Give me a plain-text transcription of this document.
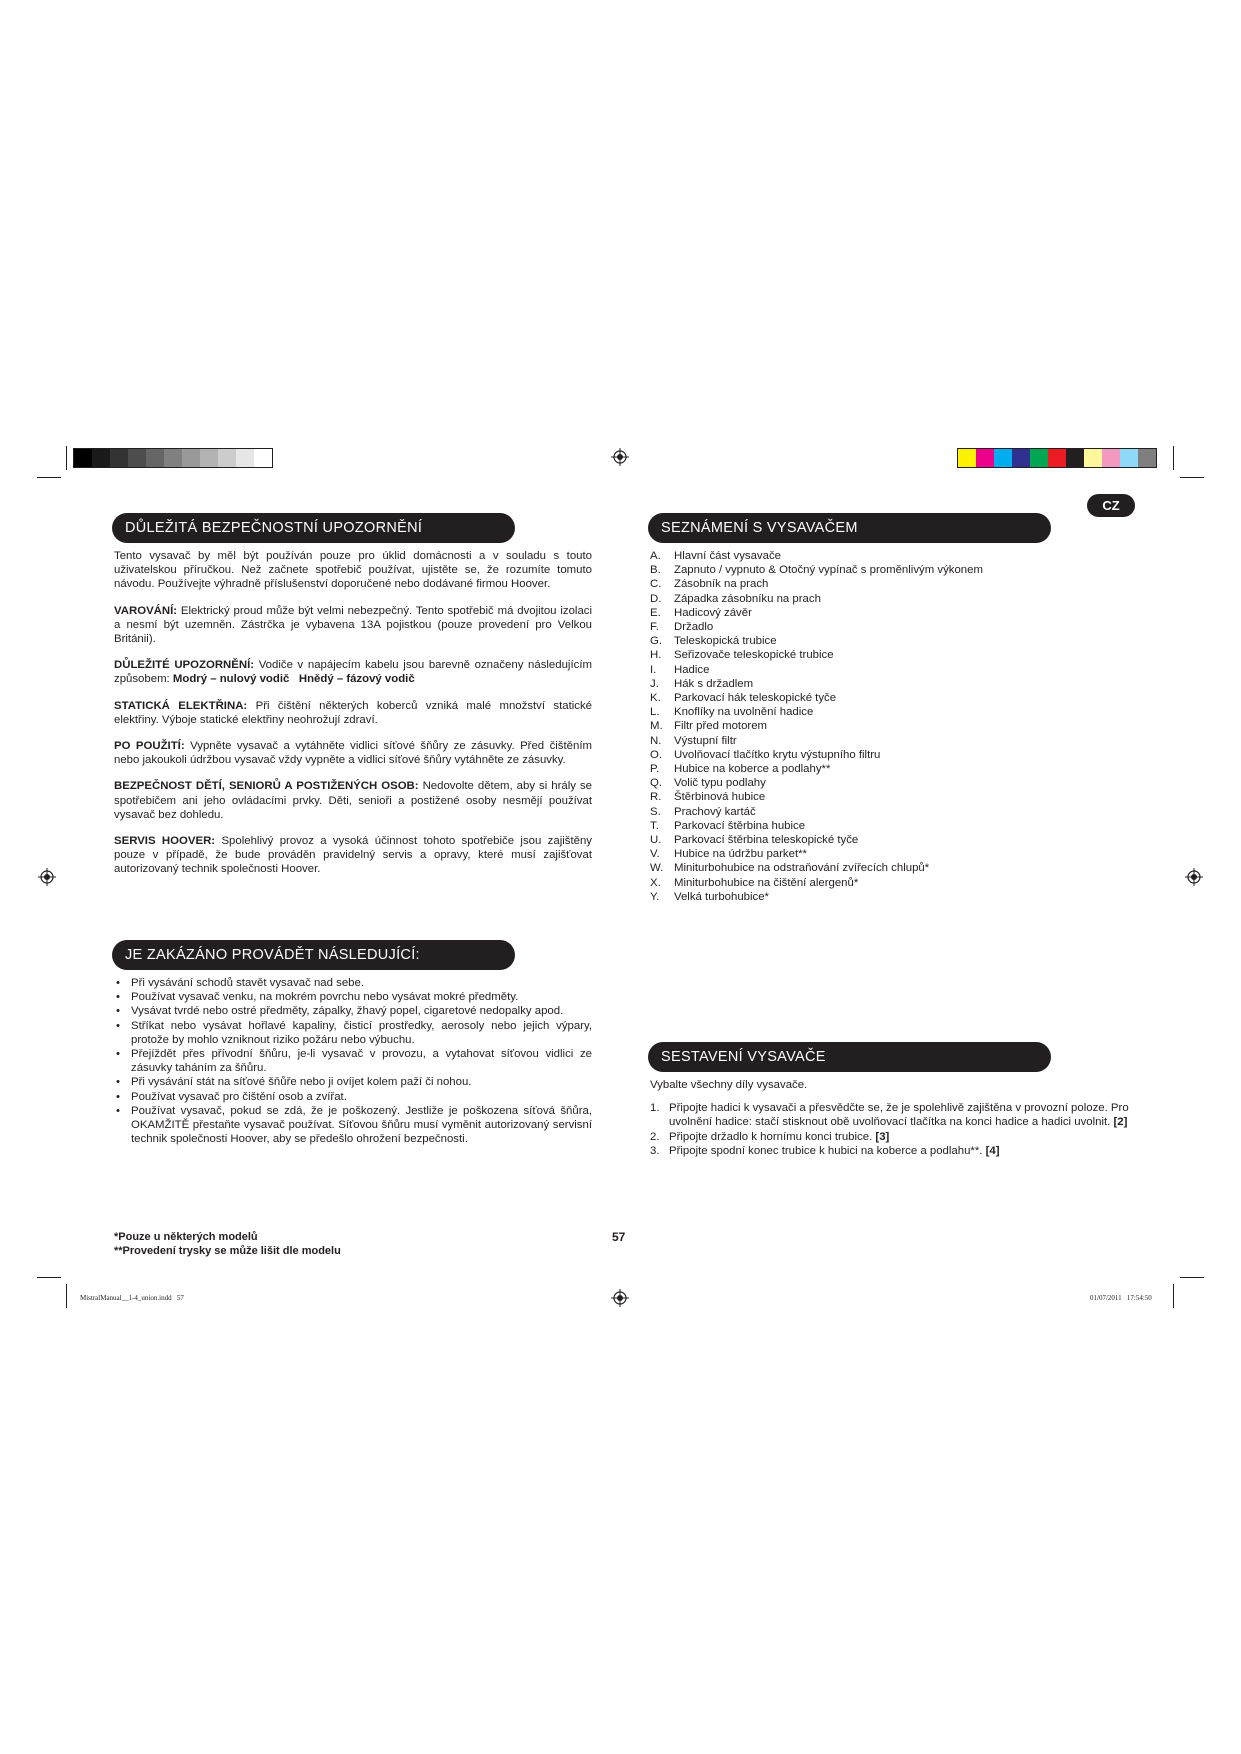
CZ
DŮLEŽITÁ BEZPEČNOSTNÍ UPOZORNĚNÍ

Tento vysavač by měl být používán pouze pro úklid domácnosti a v souladu s touto uživatelskou příručkou. Než začnete spotřebič používat, ujistěte se, že rozumíte tomuto návodu. Používejte výhradně příslušenství doporučené nebo dodávané firmou Hoover.

VAROVÁNÍ: Elektrický proud může být velmi nebezpečný. Tento spotřebič má dvojitou izolaci a nesmí být uzemněn. Zástrčka je vybavena 13A pojistkou (pouze provedení pro Velkou Británii).

DŮLEŽITÉ UPOZORNĚNÍ: Vodiče v napájecím kabelu jsou barevně označeny následujícím způsobem: Modrý – nulový vodič   Hnědý – fázový vodič

STATICKÁ ELEKTŘINA: Při čištění některých koberců vzniká malé množství statické elektřiny. Výboje statické elektřiny neohrožují zdraví.

PO POUŽITÍ: Vypněte vysavač a vytáhněte vidlici síťové šňůry ze zásuvky. Před čištěním nebo jakoukoli údržbou vysavač vždy vypněte a vidlici síťové šňůry vytáhněte ze zásuvky.

BEZPEČNOST DĚTÍ, SENIORŮ A POSTIŽENÝCH OSOB: Nedovolte dětem, aby si hrály se spotřebičem ani jeho ovládacími prvky. Děti, senioři a postižené osoby nesmějí používat vysavač bez dohledu.

SERVIS HOOVER: Spolehlivý provoz a vysoká účinnost tohoto spotřebiče jsou zajištěny pouze v případě, že bude prováděn pravidelný servis a opravy, které musí zajišťovat autorizovaný technik společnosti Hoover.

JE ZAKÁZÁNO PROVÁDĚT NÁSLEDUJÍCÍ:
• Při vysávání schodů stavět vysavač nad sebe.
• Používat vysavač venku, na mokrém povrchu nebo vysávat mokré předměty.
• Vysávat tvrdé nebo ostré předměty, zápalky, žhavý popel, cigaretové nedopalky apod.
• Stříkat nebo vysávat hořlavé kapaliny, čisticí prostředky, aerosoly nebo jejich výpary, protože by mohlo vzniknout riziko požáru nebo výbuchu.
• Přejíždět přes přívodní šňůru, je-li vysavač v provozu, a vytahovat síťovou vidlici ze zásuvky taháním za šňůru.
• Při vysávání stát na síťové šňůře nebo ji ovíjet kolem paží či nohou.
• Používat vysavač pro čištění osob a zvířat.
• Používat vysavač, pokud se zdá, že je poškozený. Jestliže je poškozena síťová šňůra, OKAMŽITĚ přestaňte vysavač používat. Síťovou šňůru musí vyměnit autorizovaný servisní technik společnosti Hoover, aby se předešlo ohrožení bezpečnosti.
SEZNÁMENÍ S VYSAVAČEM
A.	Hlavní část vysavače
B.	Zapnuto / vypnuto & Otočný vypínač s proměnlivým výkonem
C.	Zásobník na prach
D.	Západka zásobníku na prach
E.	Hadicový závěr
F.	Držadlo
G.	Teleskopická trubice
H.	Seřizovače teleskopické trubice
I.	Hadice
J.	Hák s držadlem
K.	Parkovací hák teleskopické tyče
L.	Knoflíky na uvolnění hadice
M. Filtr před motorem
N.	Výstupní filtr
O.	Uvolňovací tlačítko krytu výstupního filtru
P.	Hubice na koberce a podlahy**
Q.	Volič typu podlahy
R.	Štěrbinová hubice
S.	Prachový kartáč
T.	Parkovací štěrbina hubice
U.	Parkovací štěrbina teleskopické tyče
V.	Hubice na údržbu parket**
W. Miniturbohubice na odstraňování zvířecích chlupů*
X.	Miniturbohubice na čištění alergenů*
Y.	Velká turbohubice*
SESTAVENÍ VYSAVAČE

Vybalte všechny díly vysavače.

1. Připojte hadici k vysavači a přesvědčte se, že je spolehlivě zajištěna v provozní poloze. Pro uvolnění hadice: stačí stisknout obě uvolňovací tlačítka na konci hadice a hadici uvolnit. [2]
2. Připojte držadlo k hornímu konci trubice. [3]
3. Připojte spodní konec trubice k hubici na koberce a podlahu**. [4]
*Pouze u některých modelů
**Provedení trysky se může lišit dle modelu
57
MistralManual__1-4_union.indd   57	01/07/2011   17:54:50
